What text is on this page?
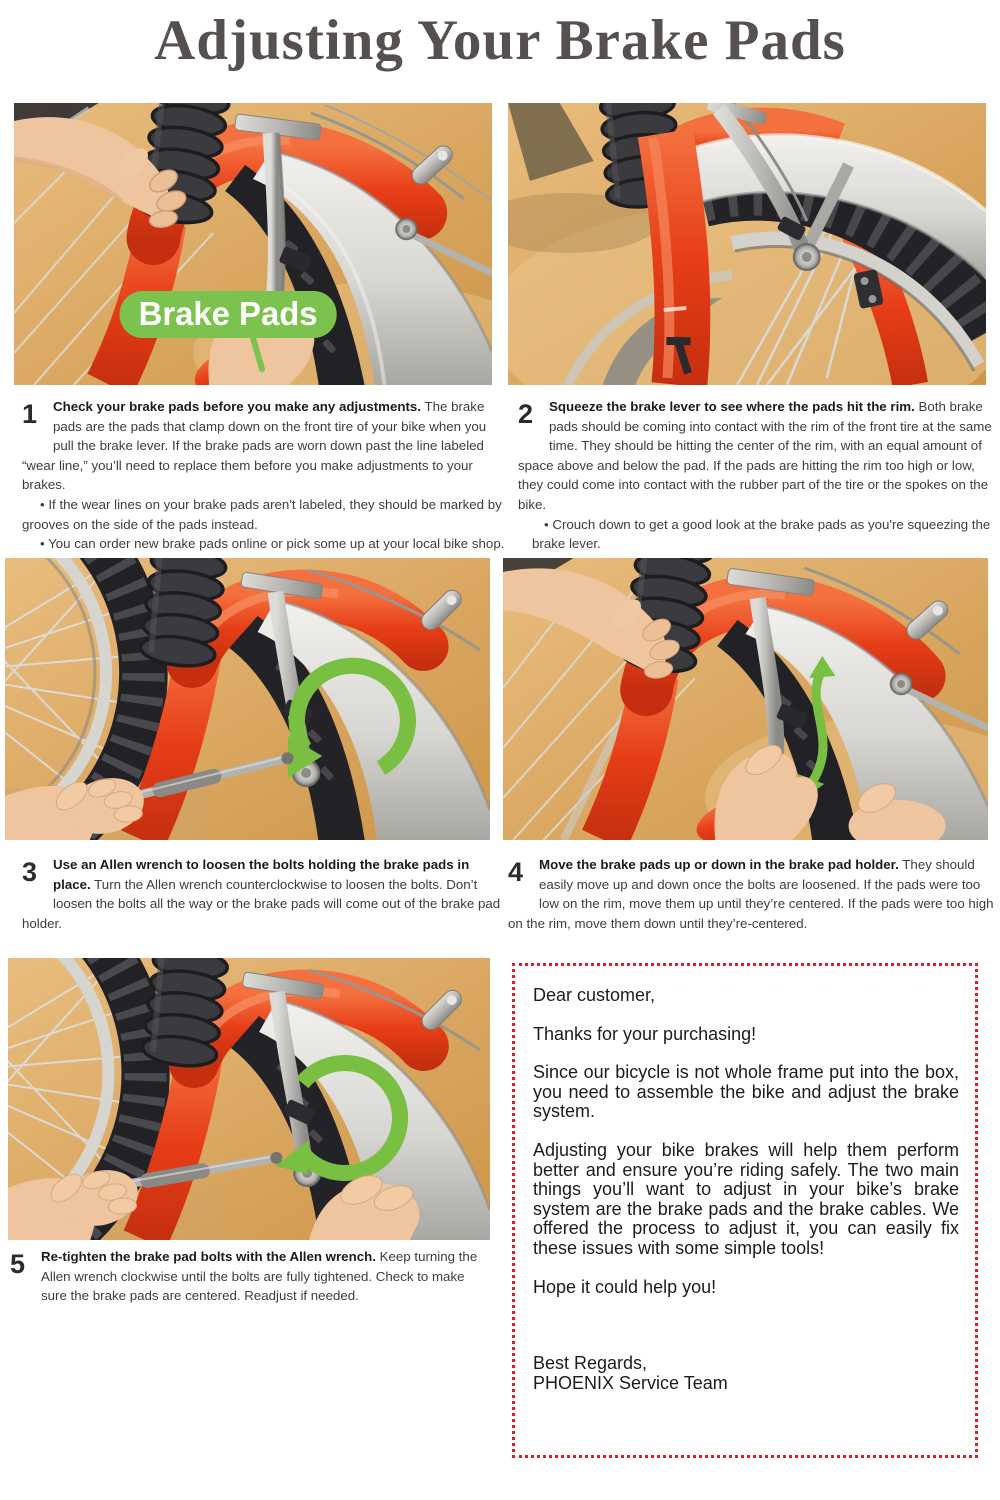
Adjusting Your Brake Pads
Brake Pads
1	Check your brake pads before you make any adjustments. The brake pads are the pads that clamp down on the front tire of your bike when you pull the brake lever. If the brake pads are worn down past the line labeled “wear line,” you’ll need to replace them before you make adjustments to your brakes.

• If the wear lines on your brake pads aren't labeled, they should be marked by grooves on the side of the pads instead.

• You can order new brake pads online or pick some up at your local bike shop.

2	Squeeze the brake lever to see where the pads hit the rim. Both brake pads should be coming into contact with the rim of the front tire at the same time. They should be hitting the center of the rim, with an equal amount of space above and below the pad. If the pads are hitting the rim too high or low, they could come into contact with the rubber part of the tire or the spokes on the bike.

• Crouch down to get a good look at the brake pads as you're squeezing the brake lever.

3	Use an Allen wrench to loosen the bolts holding the brake pads in place. Turn the Allen wrench counterclockwise to loosen the bolts. Don’t loosen the bolts all the way or the brake pads will come out of the brake pad holder.

4	Move the brake pads up or down in the brake pad holder. They should easily move up and down once the bolts are loosened. If the pads were too low on the rim, move them up until they’re centered. If the pads were too high on the rim, move them down until they’re-centered.

5	Re-tighten the brake pad bolts with the Allen wrench. Keep turning the Allen wrench clockwise until the bolts are fully tightened. Check to make sure the brake pads are centered. Readjust if needed.

Dear customer,

Thanks for your purchasing!

Since our bicycle is not whole frame put into the box, you need to assemble the bike and adjust the brake system.

Adjusting your bike brakes will help them perform better and ensure you’re riding safely. The two main things you’ll want to adjust in your bike’s brake system are the brake pads and the brake cables. We offered the process to adjust it, you can easily fix these issues with some simple tools!

Hope it could help you!

Best Regards,

PHOENIX Service Team
